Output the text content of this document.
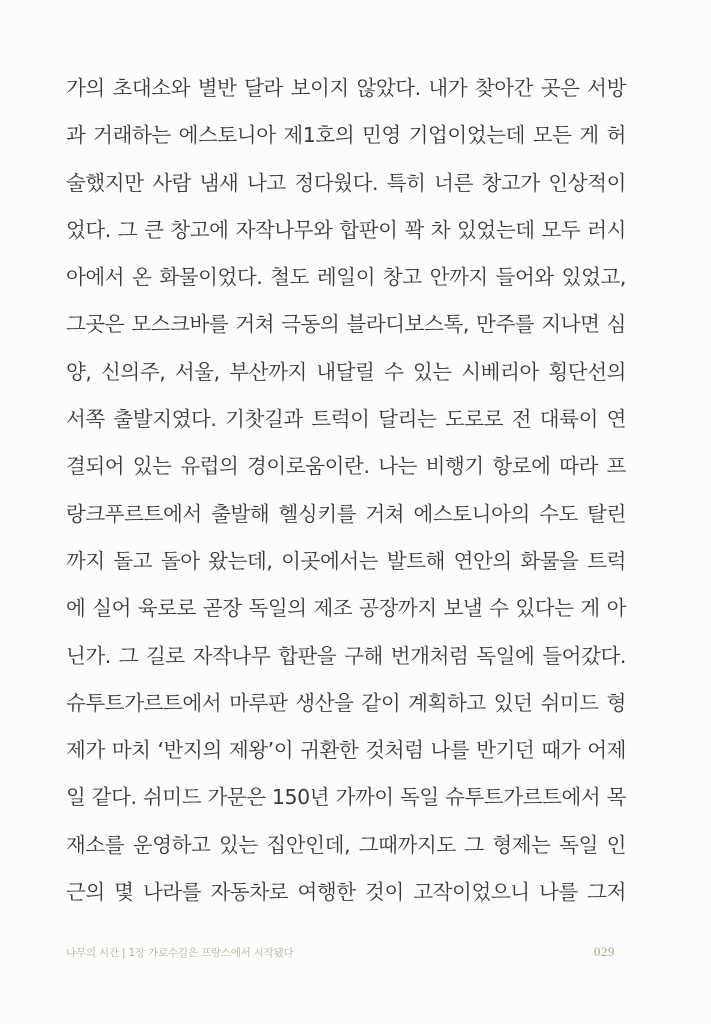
가의 초대소와 별반 달라 보이지 않았다. 내가 찾아간 곳은 서방
과 거래하는 에스토니아 제1호의 민영 기업이었는데 모든 게 허
술했지만 사람 냄새 나고 정다웠다. 특히 너른 창고가 인상적이
었다. 그 큰 창고에 자작나무와 합판이 꽉 차 있었는데 모두 러시
아에서 온 화물이었다. 철도 레일이 창고 안까지 들어와 있었고,
그곳은 모스크바를 거쳐 극동의 블라디보스톡, 만주를 지나면 심
양, 신의주, 서울, 부산까지 내달릴 수 있는 시베리아 횡단선의
서쪽 출발지였다. 기찻길과 트럭이 달리는 도로로 전 대륙이 연
결되어 있는 유럽의 경이로움이란. 나는 비행기 항로에 따라 프
랑크푸르트에서 출발해 헬싱키를 거쳐 에스토니아의 수도 탈린
까지 돌고 돌아 왔는데, 이곳에서는 발트해 연안의 화물을 트럭
에 실어 육로로 곧장 독일의 제조 공장까지 보낼 수 있다는 게 아
닌가. 그 길로 자작나무 합판을 구해 번개처럼 독일에 들어갔다.
슈투트가르트에서 마루판 생산을 같이 계획하고 있던 쉬미드 형
제가 마치 ‘반지의 제왕’이 귀환한 것처럼 나를 반기던 때가 어제
일 같다. 쉬미드 가문은 150년 가까이 독일 슈투트가르트에서 목
재소를 운영하고 있는 집안인데, 그때까지도 그 형제는 독일 인
근의 몇 나라를 자동차로 여행한 것이 고작이었으니 나를 그저
나무의 시간 | 1장 가로수길은 프랑스에서 시작됐다	029
